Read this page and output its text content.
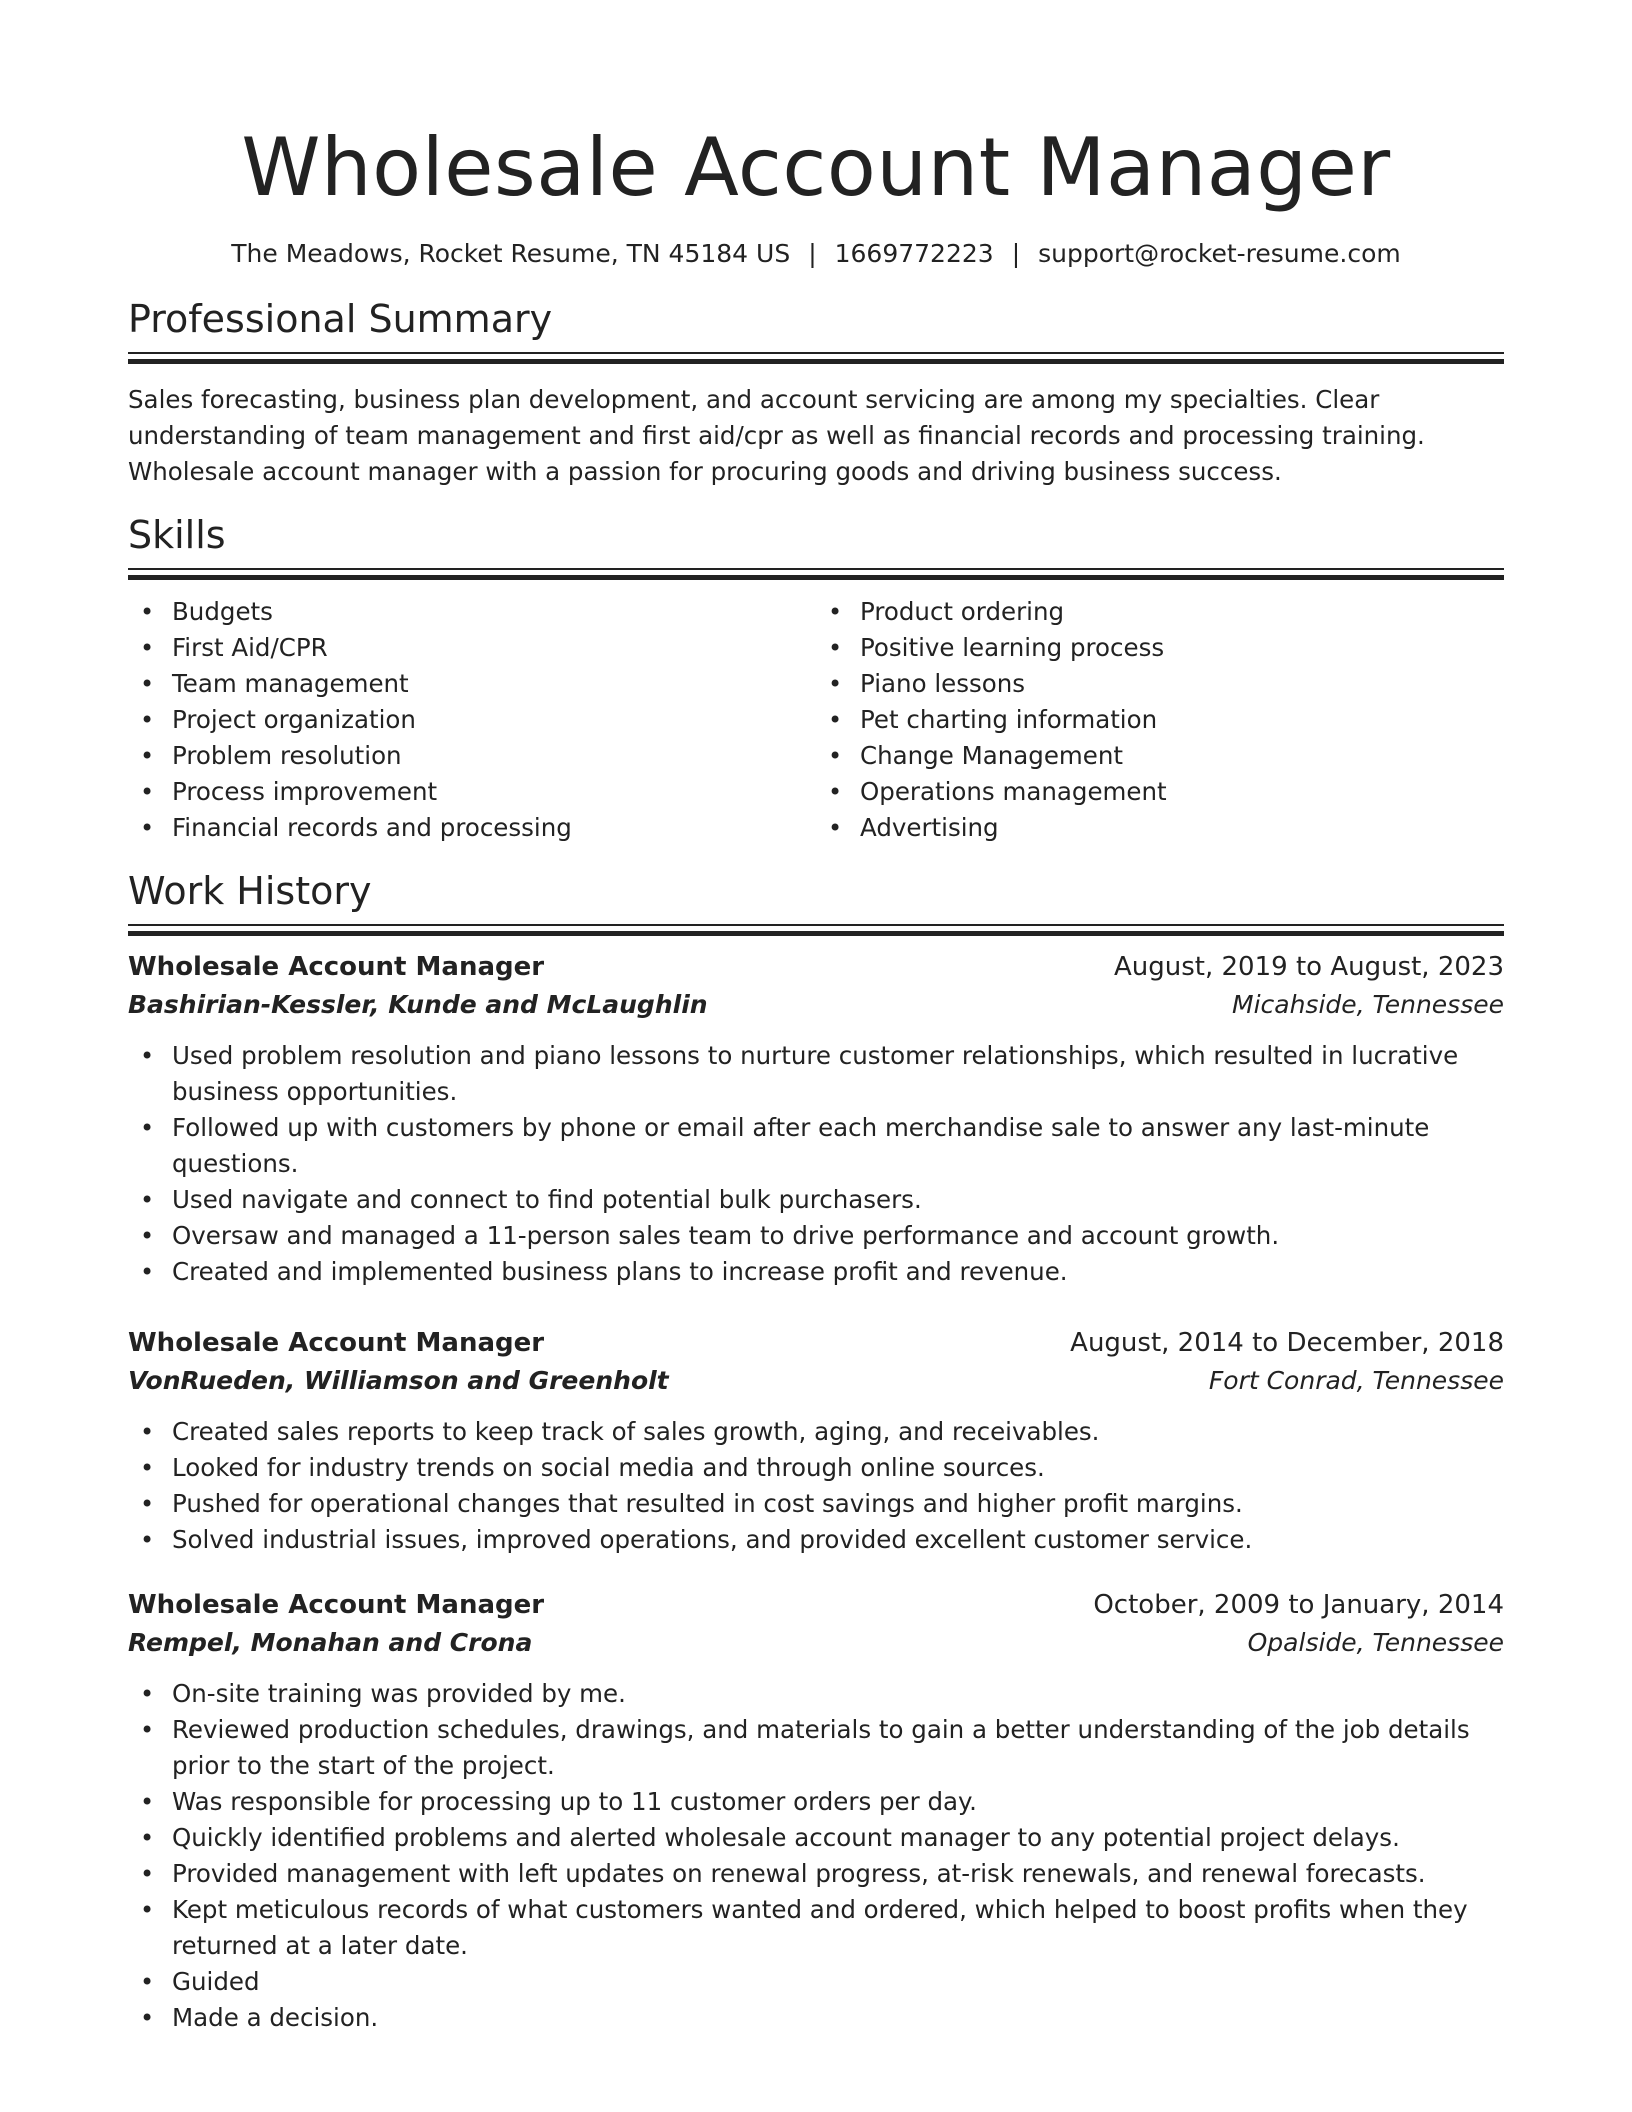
Wholesale Account Manager
The Meadows, Rocket Resume, TN 45184 US | 1669772223 | support@rocket-resume.com
Professional Summary

Sales forecasting, business plan development, and account servicing are among my specialties. Clear understanding of team management and first aid/cpr as well as financial records and processing training. Wholesale account manager with a passion for procuring goods and driving business success.

Skills
• Budgets
• First Aid/CPR
• Team management
• Project organization
• Problem resolution
• Process improvement
• Financial records and processing
• Product ordering
• Positive learning process
• Piano lessons
• Pet charting information
• Change Management
• Operations management
• Advertising
Work History
Wholesale Account Manager	August, 2019 to August, 2023
Bashirian-Kessler, Kunde and McLaughlin	Micahside, Tennessee
• Used problem resolution and piano lessons to nurture customer relationships, which resulted in lucrative business opportunities.
• Followed up with customers by phone or email after each merchandise sale to answer any last-minute questions.
• Used navigate and connect to find potential bulk purchasers.
• Oversaw and managed a 11-person sales team to drive performance and account growth.
• Created and implemented business plans to increase profit and revenue.
Wholesale Account Manager	August, 2014 to December, 2018
VonRueden, Williamson and Greenholt	Fort Conrad, Tennessee
• Created sales reports to keep track of sales growth, aging, and receivables.
• Looked for industry trends on social media and through online sources.
• Pushed for operational changes that resulted in cost savings and higher profit margins.
• Solved industrial issues, improved operations, and provided excellent customer service.
Wholesale Account Manager	October, 2009 to January, 2014
Rempel, Monahan and Crona	Opalside, Tennessee
• On-site training was provided by me.
• Reviewed production schedules, drawings, and materials to gain a better understanding of the job details prior to the start of the project.
• Was responsible for processing up to 11 customer orders per day.
• Quickly identified problems and alerted wholesale account manager to any potential project delays.
• Provided management with left updates on renewal progress, at-risk renewals, and renewal forecasts.
• Kept meticulous records of what customers wanted and ordered, which helped to boost profits when they returned at a later date.
• Guided
• Made a decision.
